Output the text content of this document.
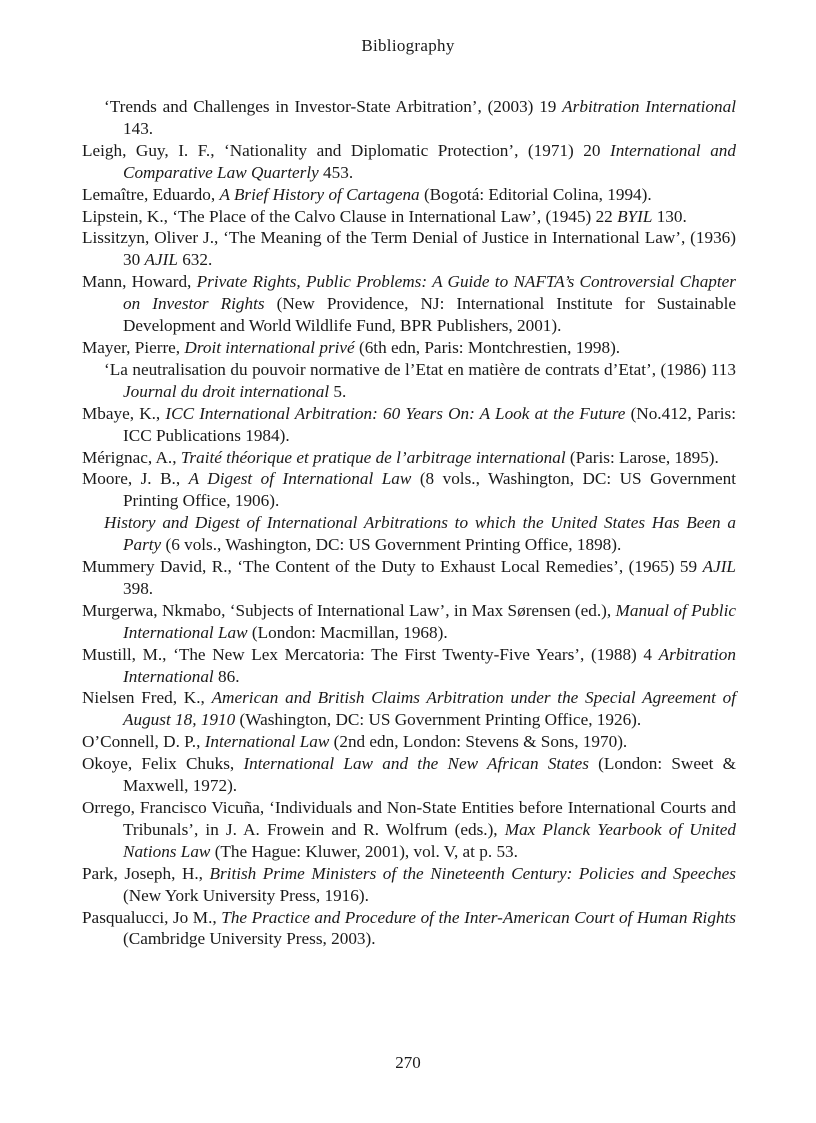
Bibliography
‘Trends and Challenges in Investor-State Arbitration’, (2003) 19 Arbitration International 143.
Leigh, Guy, I. F., ‘Nationality and Diplomatic Protection’, (1971) 20 International and Comparative Law Quarterly 453.
Lemaître, Eduardo, A Brief History of Cartagena (Bogotá: Editorial Colina, 1994).
Lipstein, K., ‘The Place of the Calvo Clause in International Law’, (1945) 22 BYIL 130.
Lissitzyn, Oliver J., ‘The Meaning of the Term Denial of Justice in International Law’, (1936) 30 AJIL 632.
Mann, Howard, Private Rights, Public Problems: A Guide to NAFTA’s Controversial Chapter on Investor Rights (New Providence, NJ: International Institute for Sustainable Development and World Wildlife Fund, BPR Publishers, 2001).
Mayer, Pierre, Droit international privé (6th edn, Paris: Montchrestien, 1998).
‘La neutralisation du pouvoir normative de l’Etat en matière de contrats d’Etat’, (1986) 113 Journal du droit international 5.
Mbaye, K., ICC International Arbitration: 60 Years On: A Look at the Future (No.412, Paris: ICC Publications 1984).
Mérignac, A., Traité théorique et pratique de l’arbitrage international (Paris: Larose, 1895).
Moore, J. B., A Digest of International Law (8 vols., Washington, DC: US Government Printing Office, 1906).
History and Digest of International Arbitrations to which the United States Has Been a Party (6 vols., Washington, DC: US Government Printing Office, 1898).
Mummery David, R., ‘The Content of the Duty to Exhaust Local Remedies’, (1965) 59 AJIL 398.
Murgerwa, Nkmabo, ‘Subjects of International Law’, in Max Sørensen (ed.), Manual of Public International Law (London: Macmillan, 1968).
Mustill, M., ‘The New Lex Mercatoria: The First Twenty-Five Years’, (1988) 4 Arbitration International 86.
Nielsen Fred, K., American and British Claims Arbitration under the Special Agreement of August 18, 1910 (Washington, DC: US Government Printing Office, 1926).
O’Connell, D. P., International Law (2nd edn, London: Stevens & Sons, 1970).
Okoye, Felix Chuks, International Law and the New African States (London: Sweet & Maxwell, 1972).
Orrego, Francisco Vicuña, ‘Individuals and Non-State Entities before International Courts and Tribunals’, in J. A. Frowein and R. Wolfrum (eds.), Max Planck Yearbook of United Nations Law (The Hague: Kluwer, 2001), vol. V, at p. 53.
Park, Joseph, H., British Prime Ministers of the Nineteenth Century: Policies and Speeches (New York University Press, 1916).
Pasqualucci, Jo M., The Practice and Procedure of the Inter-American Court of Human Rights (Cambridge University Press, 2003).
270
